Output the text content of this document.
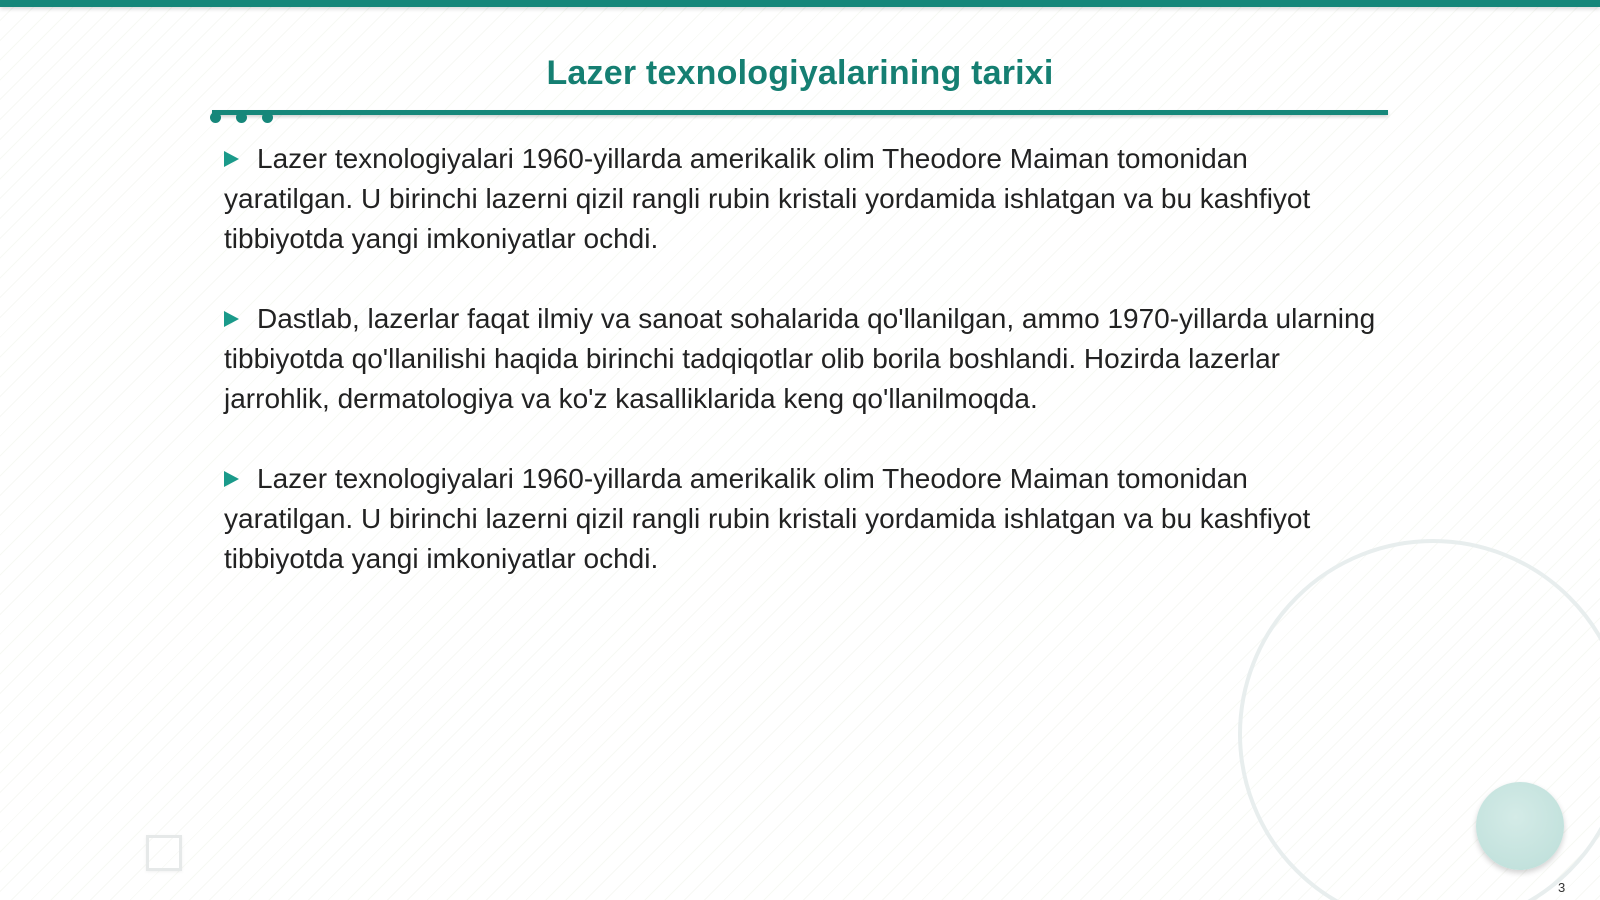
Lazer texnologiyalarining tarixi

Lazer texnologiyalari 1960-yillarda amerikalik olim Theodore Maiman tomonidan yaratilgan. U birinchi lazerni qizil rangli rubin kristali yordamida ishlatgan va bu kashfiyot tibbiyotda yangi imkoniyatlar ochdi.

Dastlab, lazerlar faqat ilmiy va sanoat sohalarida qo'llanilgan, ammo 1970-yillarda ularning tibbiyotda qo'llanilishi haqida birinchi tadqiqotlar olib borila boshlandi. Hozirda lazerlar jarrohlik, dermatologiya va ko'z kasalliklarida keng qo'llanilmoqda.

Lazer texnologiyalari 1960-yillarda amerikalik olim Theodore Maiman tomonidan yaratilgan. U birinchi lazerni qizil rangli rubin kristali yordamida ishlatgan va bu kashfiyot tibbiyotda yangi imkoniyatlar ochdi.

3
